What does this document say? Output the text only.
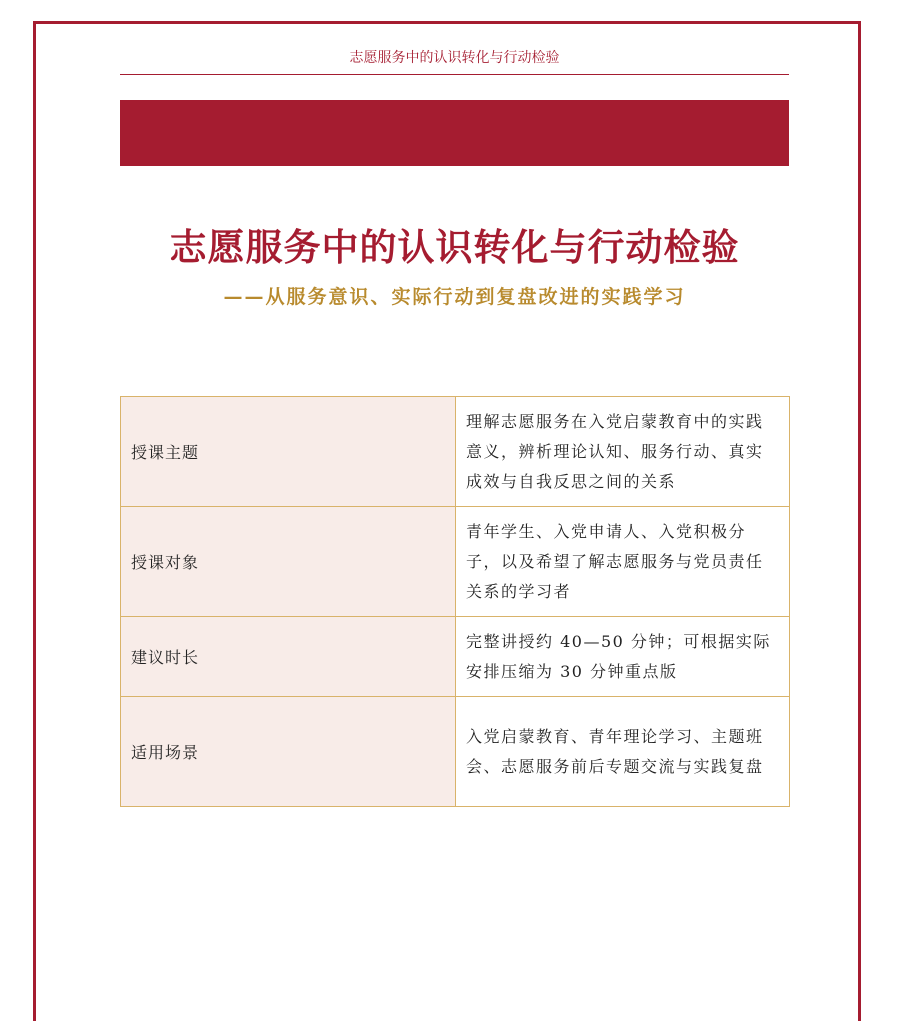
志愿服务中的认识转化与行动检验
志愿服务中的认识转化与行动检验
——从服务意识、实际行动到复盘改进的实践学习
授课主题	理解志愿服务在入党启蒙教育中的实践意义，辨析理论认知、服务行动、真实成效与自我反思之间的关系
授课对象	青年学生、入党申请人、入党积极分子，以及希望了解志愿服务与党员责任关系的学习者
建议时长	完整讲授约 40—50 分钟；可根据实际安排压缩为 30 分钟重点版
适用场景	入党启蒙教育、青年理论学习、主题班会、志愿服务前后专题交流与实践复盘
